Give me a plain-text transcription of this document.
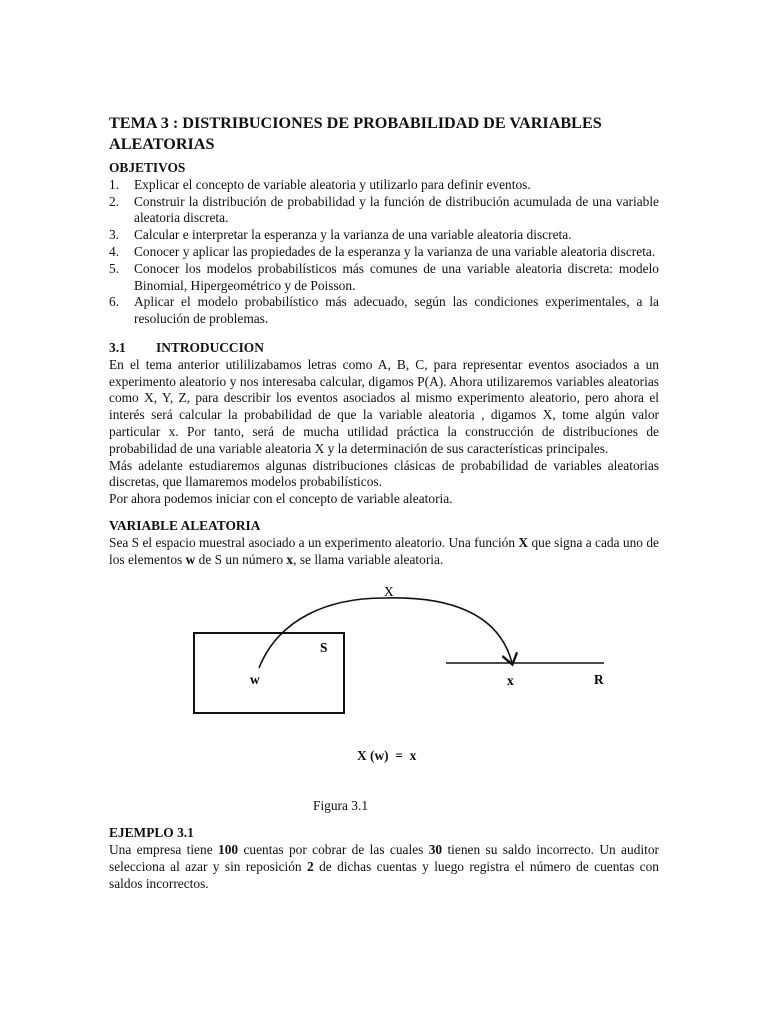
TEMA 3 : DISTRIBUCIONES DE PROBABILIDAD DE VARIABLES ALEATORIAS
OBJETIVOS
1. Explicar el concepto de variable aleatoria y utilizarlo para definir eventos.
2. Construir la distribución de probabilidad y la función de distribución acumulada de una variable aleatoria discreta.
3. Calcular e interpretar la esperanza y la varianza de una variable aleatoria discreta.
4. Conocer y aplicar las propiedades de la esperanza y la varianza de una variable aleatoria discreta.
5. Conocer los modelos probabilísticos más comunes de una variable aleatoria discreta: modelo Binomial, Hipergeométrico y de Poisson.
6. Aplicar el modelo probabilístico más adecuado, según las condiciones experimentales, a la resolución de problemas.
3.1 INTRODUCCION

En el tema anterior utililizabamos letras como A, B, C, para representar eventos asociados a un experimento aleatorio y nos interesaba calcular, digamos P(A). Ahora utilizaremos variables aleatorias como X, Y, Z, para describir los eventos asociados al mismo experimento aleatorio, pero ahora el interés será calcular la probabilidad de que la variable aleatoria , digamos X, tome algún valor particular x. Por tanto, será de mucha utilidad práctica la construcción de distribuciones de probabilidad de una variable aleatoria X y la determinación de sus características principales.

Más adelante estudiaremos algunas distribuciones clásicas de probabilidad de variables aleatorias discretas, que llamaremos modelos probabilísticos.

Por ahora podemos iniciar con el concepto de variable aleatoria.

VARIABLE ALEATORIA

Sea S el espacio muestral asociado a un experimento aleatorio. Una función X que signa a cada uno de los elementos w de S un número x, se llama variable aleatoria.

X
S
w	x	R
X (w)  =  x
Figura 3.1
EJEMPLO 3.1

Una empresa tiene 100 cuentas por cobrar de las cuales 30 tienen su saldo incorrecto. Un auditor selecciona al azar y sin reposición 2 de dichas cuentas y luego registra el número de cuentas con saldos incorrectos.
